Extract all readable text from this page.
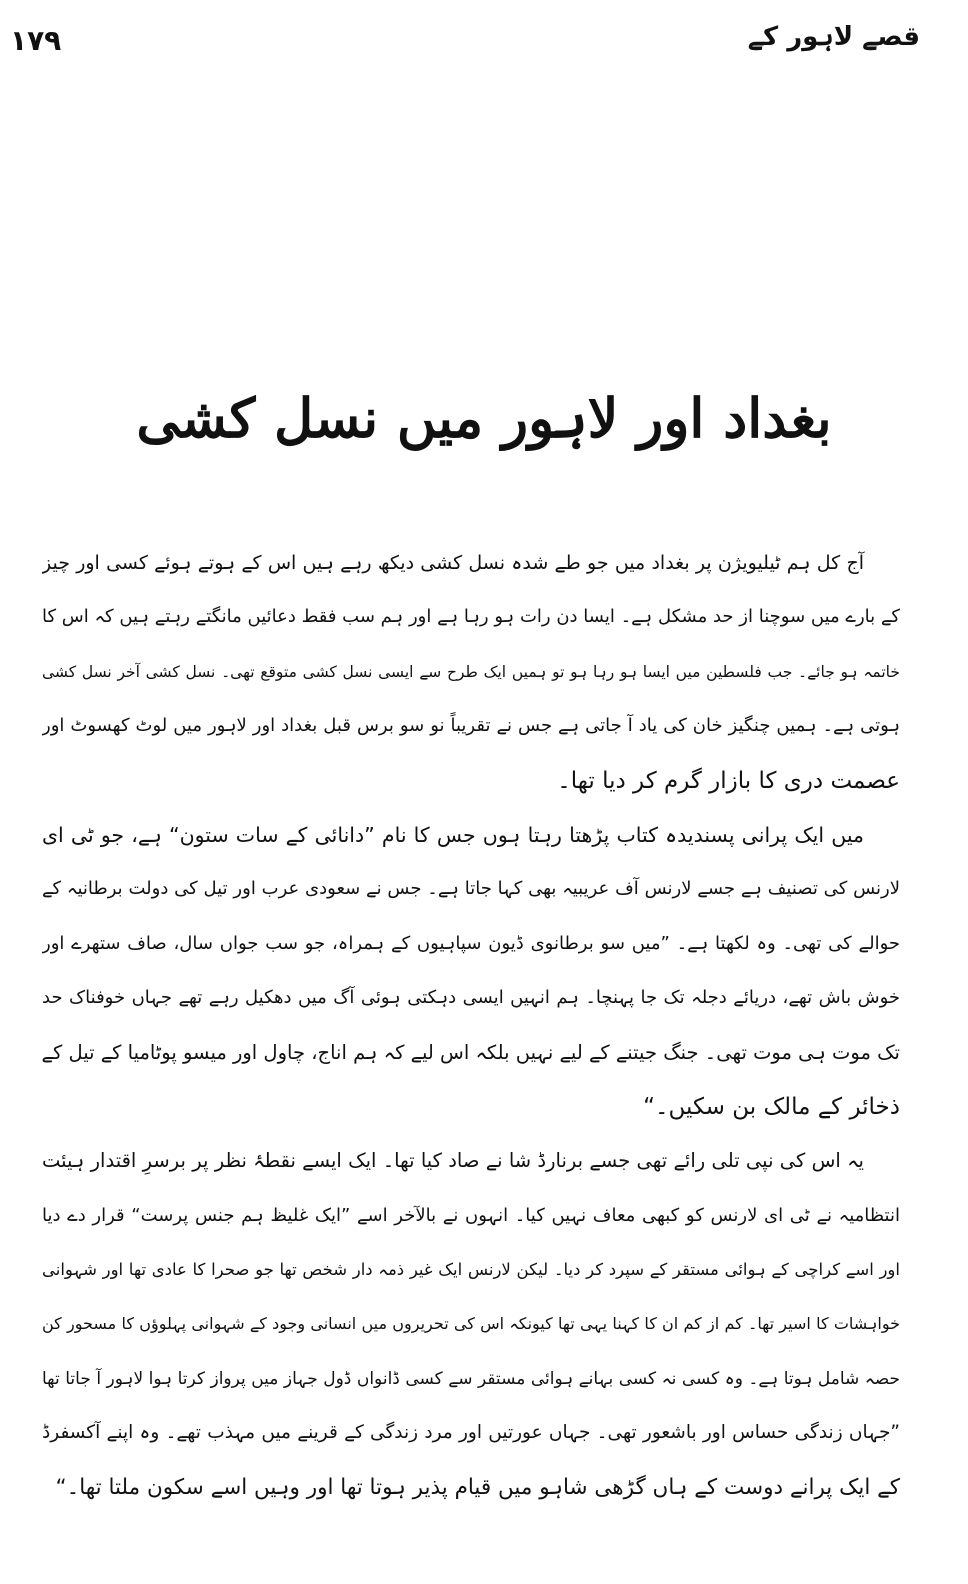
۱۷۹	قصے لاہور کے
بغداد اور لاہور میں نسل کشی
آج کل ہم ٹیلیویژن پر بغداد میں جو طے شدہ نسل کشی دیکھ رہے ہیں اس کے ہوتے ہوئے کسی اور چیز
کے بارے میں سوچنا از حد مشکل ہے۔ ایسا دن رات ہو رہا ہے اور ہم سب فقط دعائیں مانگتے رہتے ہیں کہ اس کا
خاتمہ ہو جائے۔ جب فلسطین میں ایسا ہو رہا ہو تو ہمیں ایک طرح سے ایسی نسل کشی متوقع تھی۔ نسل کشی آخر نسل کشی
ہوتی ہے۔ ہمیں چنگیز خان کی یاد آ جاتی ہے جس نے تقریباً نو سو برس قبل بغداد اور لاہور میں لوٹ کھسوٹ اور
عصمت دری کا بازار گرم کر دیا تھا۔
میں ایک پرانی پسندیدہ کتاب پڑھتا رہتا ہوں جس کا نام ”دانائی کے سات ستون“ ہے، جو ٹی ای
لارنس کی تصنیف ہے جسے لارنس آف عریبیہ بھی کہا جاتا ہے۔ جس نے سعودی عرب اور تیل کی دولت برطانیہ کے
حوالے کی تھی۔ وہ لکھتا ہے۔ ”میں سو برطانوی ڈیون سپاہیوں کے ہمراہ، جو سب جواں سال، صاف ستھرے اور
خوش باش تھے، دریائے دجلہ تک جا پہنچا۔ ہم انہیں ایسی دہکتی ہوئی آگ میں دھکیل رہے تھے جہاں خوفناک حد
تک موت ہی موت تھی۔ جنگ جیتنے کے لیے نہیں بلکہ اس لیے کہ ہم اناج، چاول اور میسو پوٹامیا کے تیل کے
ذخائر کے مالک بن سکیں۔“
یہ اس کی نپی تلی رائے تھی جسے برنارڈ شا نے صاد کیا تھا۔ ایک ایسے نقطۂ نظر پر برسرِ اقتدار ہیئت
انتظامیہ نے ٹی ای لارنس کو کبھی معاف نہیں کیا۔ انہوں نے بالآخر اسے ”ایک غلیظ ہم جنس پرست“ قرار دے دیا
اور اسے کراچی کے ہوائی مستقر کے سپرد کر دیا۔ لیکن لارنس ایک غیر ذمہ دار شخص تھا جو صحرا کا عادی تھا اور شہوانی
خواہشات کا اسیر تھا۔ کم از کم ان کا کہنا یہی تھا کیونکہ اس کی تحریروں میں انسانی وجود کے شہوانی پہلوؤں کا مسحور کن
حصہ شامل ہوتا ہے۔ وہ کسی نہ کسی بہانے ہوائی مستقر سے کسی ڈانواں ڈول جہاز میں پرواز کرتا ہوا لاہور آ جاتا تھا
”جہاں زندگی حساس اور باشعور تھی۔ جہاں عورتیں اور مرد زندگی کے قرینے میں مہذب تھے۔ وہ اپنے آکسفرڈ
کے ایک پرانے دوست کے ہاں گڑھی شاہو میں قیام پذیر ہوتا تھا اور وہیں اسے سکون ملتا تھا۔“
